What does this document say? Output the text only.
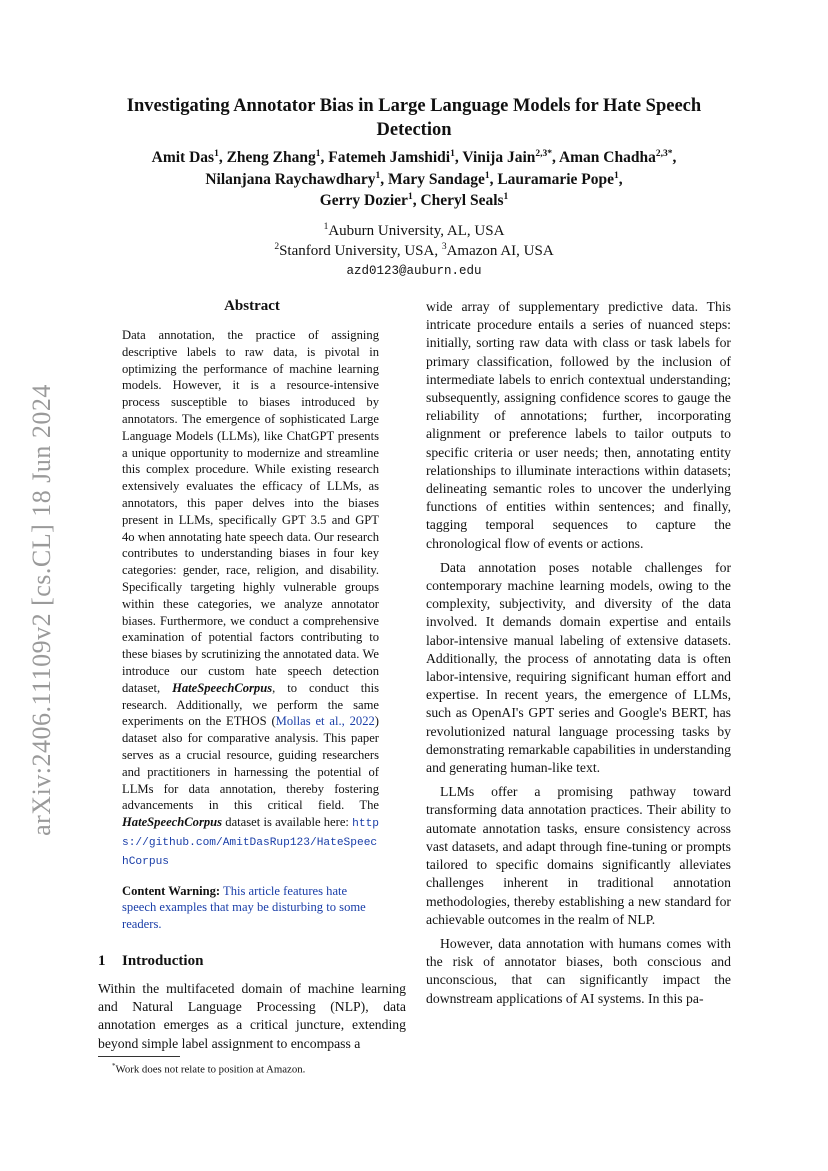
arXiv:2406.11109v2 [cs.CL] 18 Jun 2024
Investigating Annotator Bias in Large Language Models for Hate Speech Detection
Amit Das$^1$, Zheng Zhang$^1$, Fatemeh Jamshidi$^1$, Vinija Jain$^{2,3*}$, Aman Chadha$^{2,3*}$,
Nilanjana Raychawdhary$^1$, Mary Sandage$^1$, Lauramarie Pope$^1$,
Gerry Dozier$^1$, Cheryl Seals$^1$
$^1$Auburn University, AL, USA
$^2$Stanford University, USA, $^3$Amazon AI, USA
azd0123@auburn.edu
Abstract
Data annotation, the practice of assigning descriptive labels to raw data, is pivotal in optimizing the performance of machine learning models. However, it is a resource-intensive process susceptible to biases introduced by annotators. The emergence of sophisticated Large Language Models (LLMs), like ChatGPT presents a unique opportunity to modernize and streamline this complex procedure. While existing research extensively evaluates the efficacy of LLMs, as annotators, this paper delves into the biases present in LLMs, specifically GPT 3.5 and GPT 4o when annotating hate speech data. Our research contributes to understanding biases in four key categories: gender, race, religion, and disability. Specifically targeting highly vulnerable groups within these categories, we analyze annotator biases. Furthermore, we conduct a comprehensive examination of potential factors contributing to these biases by scrutinizing the annotated data. We introduce our custom hate speech detection dataset, HateSpeechCorpus, to conduct this research. Additionally, we perform the same experiments on the ETHOS (Mollas et al., 2022) dataset also for comparative analysis. This paper serves as a crucial resource, guiding researchers and practitioners in harnessing the potential of LLMs for data annotation, thereby fostering advancements in this critical field. The HateSpeechCorpus dataset is available here: https://github.com/AmitDasRup123/HateSpeechCorpus
Content Warning: This article features hate speech examples that may be disturbing to some readers.
1 Introduction

Within the multifaceted domain of machine learning and Natural Language Processing (NLP), data annotation emerges as a critical juncture, extending beyond simple label assignment to encompass a

wide array of supplementary predictive data. This intricate procedure entails a series of nuanced steps: initially, sorting raw data with class or task labels for primary classification, followed by the inclusion of intermediate labels to enrich contextual understanding; subsequently, assigning confidence scores to gauge the reliability of annotations; further, incorporating alignment or preference labels to tailor outputs to specific criteria or user needs; then, annotating entity relationships to illuminate interactions within datasets; delineating semantic roles to uncover the underlying functions of entities within sentences; and finally, tagging temporal sequences to capture the chronological flow of events or actions.

Data annotation poses notable challenges for contemporary machine learning models, owing to the complexity, subjectivity, and diversity of the data involved. It demands domain expertise and entails labor-intensive manual labeling of extensive datasets. Additionally, the process of annotating data is often labor-intensive, requiring significant human effort and expertise. In recent years, the emergence of LLMs, such as OpenAI's GPT series and Google's BERT, has revolutionized natural language processing tasks by demonstrating remarkable capabilities in understanding and generating human-like text.

LLMs offer a promising pathway toward transforming data annotation practices. Their ability to automate annotation tasks, ensure consistency across vast datasets, and adapt through fine-tuning or prompts tailored to specific domains significantly alleviates challenges inherent in traditional annotation methodologies, thereby establishing a new standard for achievable outcomes in the realm of NLP.

However, data annotation with humans comes with the risk of annotator biases, both conscious and unconscious, that can significantly impact the downstream applications of AI systems. In this pa-

*Work does not relate to position at Amazon.
